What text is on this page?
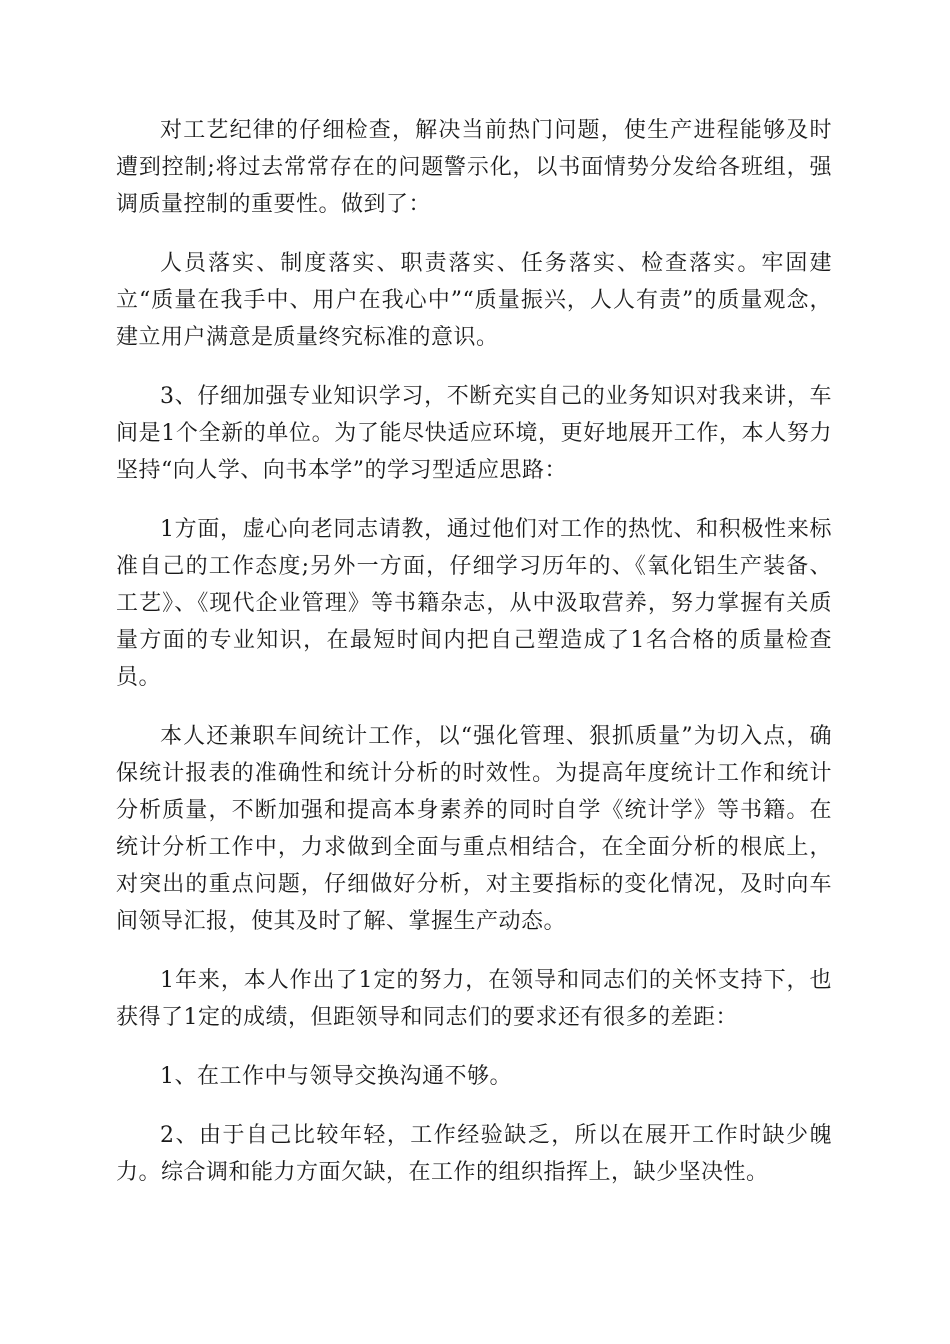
对工艺纪律的仔细检查，解决当前热门问题，使生产进程能够及时遭到控制;将过去常常存在的问题警示化，以书面情势分发给各班组，强调质量控制的重要性。做到了：

人员落实、制度落实、职责落实、任务落实、检查落实。牢固建立“质量在我手中、用户在我心中”“质量振兴，人人有责”的质量观念，建立用户满意是质量终究标准的意识。

3、仔细加强专业知识学习，不断充实自己的业务知识对我来讲，车间是1个全新的单位。为了能尽快适应环境，更好地展开工作，本人努力坚持“向人学、向书本学”的学习型适应思路：

1方面，虚心向老同志请教，通过他们对工作的热忱、和积极性来标准自己的工作态度;另外一方面，仔细学习历年的、《氧化铝生产装备、工艺》、《现代企业管理》等书籍杂志，从中汲取营养，努力掌握有关质量方面的专业知识，在最短时间内把自己塑造成了1名合格的质量检查员。

本人还兼职车间统计工作，以“强化管理、狠抓质量”为切入点，确保统计报表的准确性和统计分析的时效性。为提高年度统计工作和统计分析质量，不断加强和提高本身素养的同时自学《统计学》等书籍。在统计分析工作中，力求做到全面与重点相结合，在全面分析的根底上，对突出的重点问题，仔细做好分析，对主要指标的变化情况，及时向车间领导汇报，使其及时了解、掌握生产动态。

1年来，本人作出了1定的努力，在领导和同志们的关怀支持下，也获得了1定的成绩，但距领导和同志们的要求还有很多的差距：

1、在工作中与领导交换沟通不够。

2、由于自己比较年轻，工作经验缺乏，所以在展开工作时缺少魄力。综合调和能力方面欠缺，在工作的组织指挥上，缺少坚决性。
